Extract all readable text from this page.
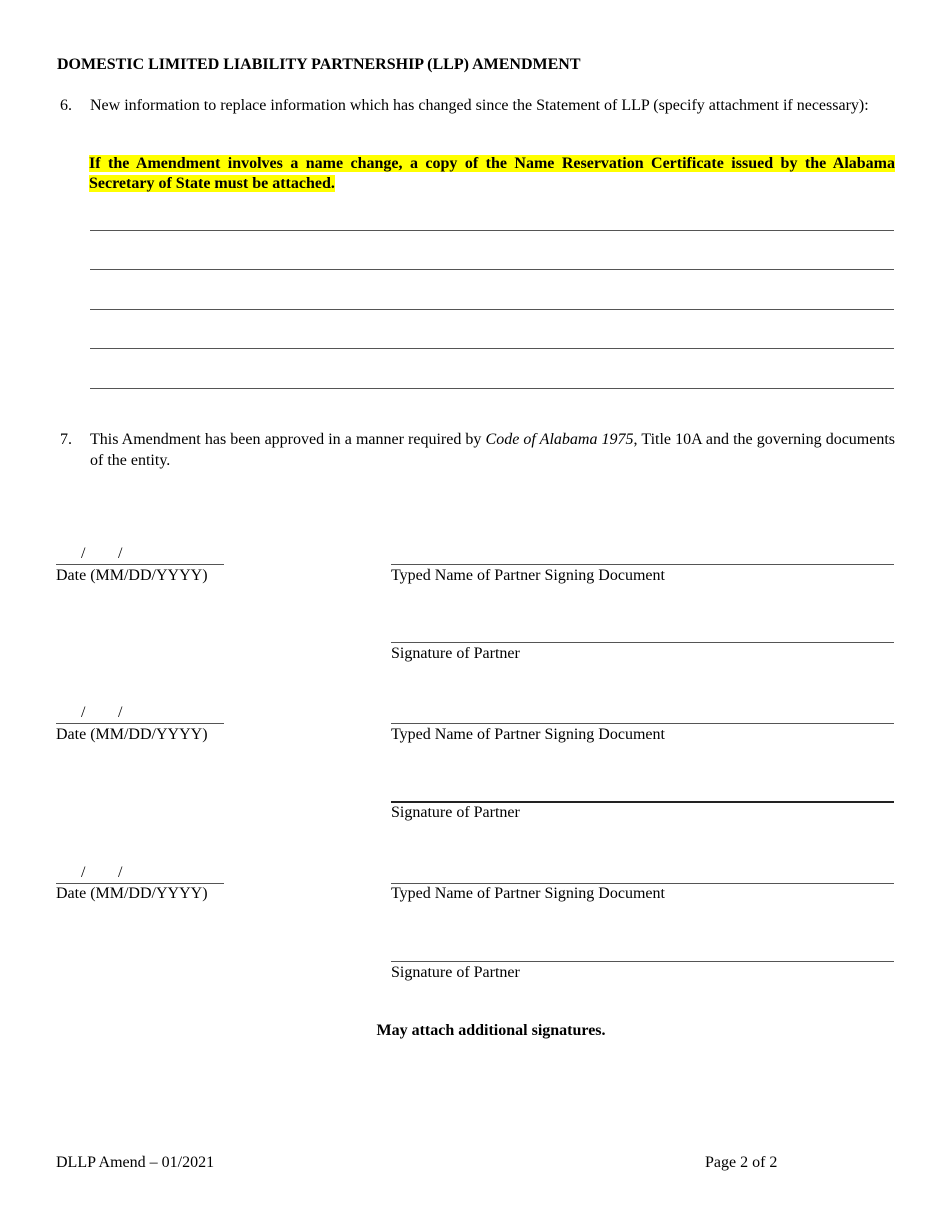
DOMESTIC LIMITED LIABILITY PARTNERSHIP (LLP) AMENDMENT
6. New information to replace information which has changed since the Statement of LLP (specify attachment if necessary):
If the Amendment involves a name change, a copy of the Name Reservation Certificate issued by the Alabama Secretary of State must be attached.
7. This Amendment has been approved in a manner required by Code of Alabama 1975, Title 10A and the governing documents of the entity.
/ /
Date (MM/DD/YYYY)	Typed Name of Partner Signing Document
Signature of Partner
/ /
Date (MM/DD/YYYY)	Typed Name of Partner Signing Document
Signature of Partner
/ /
Date (MM/DD/YYYY)	Typed Name of Partner Signing Document
Signature of Partner
May attach additional signatures.
DLLP Amend – 01/2021	Page 2 of 2
